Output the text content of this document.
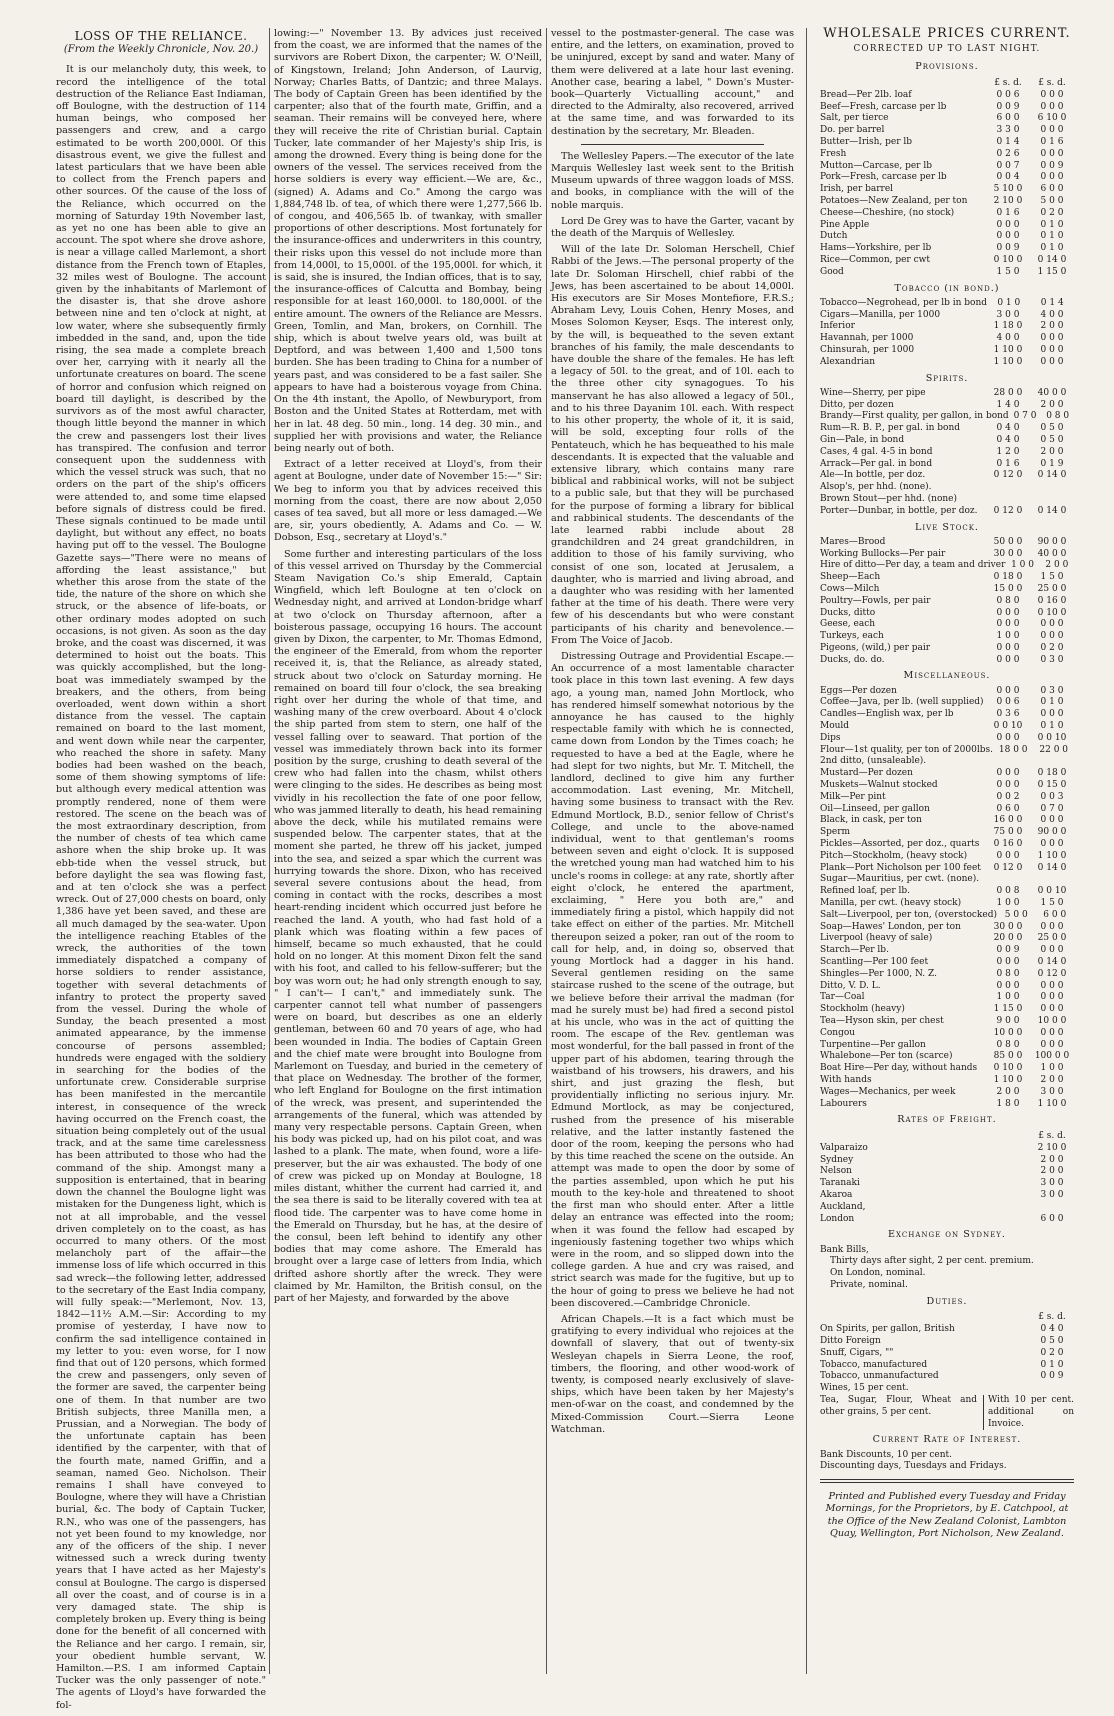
LOSS OF THE RELIANCE.
(From the Weekly Chronicle, Nov. 20.)

It is our melancholy duty, this week, to record the intelligence of the total destruction of the Reliance East Indiaman, off Boulogne, with the destruction of 114 human beings, who composed her passengers and crew, and a cargo estimated to be worth 200,000l. Of this disastrous event, we give the fullest and latest particulars that we have been able to collect from the French papers and other sources. Of the cause of the loss of the Reliance, which occurred on the morning of Saturday 19th November last, as yet no one has been able to give an account. The spot where she drove ashore, is near a village called Marlemont, a short distance from the French town of Etaples, 32 miles west of Boulogne. The account given by the inhabitants of Marlemont of the disaster is, that she drove ashore between nine and ten o'clock at night, at low water, where she subsequently firmly imbedded in the sand, and, upon the tide rising, the sea made a complete breach over her, carrying with it nearly all the unfortunate creatures on board. The scene of horror and confusion which reigned on board till daylight, is described by the survivors as of the most awful character, though little beyond the manner in which the crew and passengers lost their lives has transpired. The confusion and terror consequent upon the suddenness with which the vessel struck was such, that no orders on the part of the ship's officers were attended to, and some time elapsed before signals of distress could be fired. These signals continued to be made until daylight, but without any effect, no boats having put off to the vessel. The Boulogne Gazette says—"There were no means of affording the least assistance," but whether this arose from the state of the tide, the nature of the shore on which she struck, or the absence of life-boats, or other ordinary modes adopted on such occasions, is not given. As soon as the day broke, and the coast was discerned, it was determined to hoist out the boats. This was quickly accomplished, but the long-boat was immediately swamped by the breakers, and the others, from being overloaded, went down within a short distance from the vessel. The captain remained on board to the last moment, and went down while near the carpenter, who reached the shore in safety. Many bodies had been washed on the beach, some of them showing symptoms of life: but although every medical attention was promptly rendered, none of them were restored. The scene on the beach was of the most extraordinary description, from the number of chests of tea which came ashore when the ship broke up. It was ebb-tide when the vessel struck, but before daylight the sea was flowing fast, and at ten o'clock she was a perfect wreck. Out of 27,000 chests on board, only 1,386 have yet been saved, and these are all much damaged by the sea-water. Upon the intelligence reaching Etables of the wreck, the authorities of the town immediately dispatched a company of horse soldiers to render assistance, together with several detachments of infantry to protect the property saved from the vessel. During the whole of Sunday, the beach presented a most animated appearance, by the immense concourse of persons assembled; hundreds were engaged with the soldiery in searching for the bodies of the unfortunate crew. Considerable surprise has been manifested in the mercantile interest, in consequence of the wreck having occurred on the French coast, the situation being completely out of the usual track, and at the same time carelessness has been attributed to those who had the command of the ship. Amongst many a supposition is entertained, that in bearing down the channel the Boulogne light was mistaken for the Dungeness light, which is not at all improbable, and the vessel driven completely on to the coast, as has occurred to many others. Of the most melancholy part of the affair—the immense loss of life which occurred in this sad wreck—the following letter, addressed to the secretary of the East India company, will fully speak:—"Merlemont, Nov. 13, 1842—11½ A.M.—Sir: According to my promise of yesterday, I have now to confirm the sad intelligence contained in my letter to you: even worse, for I now find that out of 120 persons, which formed the crew and passengers, only seven of the former are saved, the carpenter being one of them. In that number are two British subjects, three Manilla men, a Prussian, and a Norwegian. The body of the unfortunate captain has been identified by the carpenter, with that of the fourth mate, named Griffin, and a seaman, named Geo. Nicholson. Their remains I shall have conveyed to Boulogne, where they will have a Christian burial, &c. The body of Captain Tucker, R.N., who was one of the passengers, has not yet been found to my knowledge, nor any of the officers of the ship. I never witnessed such a wreck during twenty years that I have acted as her Majesty's consul at Boulogne. The cargo is dispersed all over the coast, and of course is in a very damaged state. The ship is completely broken up. Every thing is being done for the benefit of all concerned with the Reliance and her cargo. I remain, sir, your obedient humble servant, W. Hamilton.—P.S. I am informed Captain Tucker was the only passenger of note." The agents of Lloyd's have forwarded the fol-

lowing:—" November 13. By advices just received from the coast, we are informed that the names of the survivors are Robert Dixon, the carpenter; W. O'Neill, of Kingstown, Ireland; John Anderson, of Laurvig, Norway; Charles Batts, of Dantzic; and three Malays. The body of Captain Green has been identified by the carpenter; also that of the fourth mate, Griffin, and a seaman. Their remains will be conveyed here, where they will receive the rite of Christian burial. Captain Tucker, late commander of her Majesty's ship Iris, is among the drowned. Every thing is being done for the owners of the vessel. The services received from the horse soldiers is every way efficient.—We are, &c., (signed) A. Adams and Co." Among the cargo was 1,884,748 lb. of tea, of which there were 1,277,566 lb. of congou, and 406,565 lb. of twankay, with smaller proportions of other descriptions. Most fortunately for the insurance-offices and underwriters in this country, their risks upon this vessel do not include more than from 14,000l, to 15,000l. of the 195,000l. for which, it is said, she is insured, the Indian offices, that is to say, the insurance-offices of Calcutta and Bombay, being responsible for at least 160,000l. to 180,000l. of the entire amount. The owners of the Reliance are Messrs. Green, Tomlin, and Man, brokers, on Cornhill. The ship, which is about twelve years old, was built at Deptford, and was between 1,400 and 1,500 tons burden. She has been trading to China for a number of years past, and was considered to be a fast sailer. She appears to have had a boisterous voyage from China. On the 4th instant, the Apollo, of Newburyport, from Boston and the United States at Rotterdam, met with her in lat. 48 deg. 50 min., long. 14 deg. 30 min., and supplied her with provisions and water, the Reliance being nearly out of both.

Extract of a letter received at Lloyd's, from their agent at Boulogne, under date of November 15:—" Sir: We beg to inform you that by advices received this morning from the coast, there are now about 2,050 cases of tea saved, but all more or less damaged.—We are, sir, yours obediently, A. Adams and Co. — W. Dobson, Esq., secretary at Lloyd's."

Some further and interesting particulars of the loss of this vessel arrived on Thursday by the Commercial Steam Navigation Co.'s ship Emerald, Captain Wingfield, which left Boulogne at ten o'clock on Wednesday night, and arrived at London-bridge wharf at two o'clock on Thursday afternoon, after a boisterous passage, occupying 16 hours. The account given by Dixon, the carpenter, to Mr. Thomas Edmond, the engineer of the Emerald, from whom the reporter received it, is, that the Reliance, as already stated, struck about two o'clock on Saturday morning. He remained on board till four o'clock, the sea breaking right over her during the whole of that time, and washing many of the crew overboard. About 4 o'clock the ship parted from stem to stern, one half of the vessel falling over to seaward. That portion of the vessel was immediately thrown back into its former position by the surge, crushing to death several of the crew who had fallen into the chasm, whilst others were clinging to the sides. He describes as being most vividly in his recollection the fate of one poor fellow, who was jammed literally to death, his head remaining above the deck, while his mutilated remains were suspended below. The carpenter states, that at the moment she parted, he threw off his jacket, jumped into the sea, and seized a spar which the current was hurrying towards the shore. Dixon, who has received several severe contusions about the head, from coming in contact with the rocks, describes a most heart-rending incident which occurred just before he reached the land. A youth, who had fast hold of a plank which was floating within a few paces of himself, became so much exhausted, that he could hold on no longer. At this moment Dixon felt the sand with his foot, and called to his fellow-sufferer; but the boy was worn out; he had only strength enough to say, " I can't— I can't," and immediately sunk. The carpenter cannot tell what number of passengers were on board, but describes as one an elderly gentleman, between 60 and 70 years of age, who had been wounded in India. The bodies of Captain Green and the chief mate were brought into Boulogne from Marlemont on Tuesday, and buried in the cemetery of that place on Wednesday. The brother of the former, who left England for Boulogne on the first intimation of the wreck, was present, and superintended the arrangements of the funeral, which was attended by many very respectable persons. Captain Green, when his body was picked up, had on his pilot coat, and was lashed to a plank. The mate, when found, wore a life-preserver, but the air was exhausted. The body of one of crew was picked up on Monday at Boulogne, 18 miles distant, whither the current had carried it, and the sea there is said to be literally covered with tea at flood tide. The carpenter was to have come home in the Emerald on Thursday, but he has, at the desire of the consul, been left behind to identify any other bodies that may come ashore. The Emerald has brought over a large case of letters from India, which drifted ashore shortly after the wreck. They were claimed by Mr. Hamilton, the British consul, on the part of her Majesty, and forwarded by the above

vessel to the postmaster-general. The case was entire, and the letters, on examination, proved to be uninjured, except by sand and water. Many of them were delivered at a late hour last evening. Another case, bearing a label, " Down's Muster-book—Quarterly Victualling account," and directed to the Admiralty, also recovered, arrived at the same time, and was forwarded to its destination by the secretary, Mr. Bleaden.

The Wellesley Papers.—The executor of the late Marquis Wellesley last week sent to the British Museum upwards of three waggon loads of MSS. and books, in compliance with the will of the noble marquis.

Lord De Grey was to have the Garter, vacant by the death of the Marquis of Wellesley.

Will of the late Dr. Soloman Herschell, Chief Rabbi of the Jews.—The personal property of the late Dr. Soloman Hirschell, chief rabbi of the Jews, has been ascertained to be about 14,000l. His executors are Sir Moses Montefiore, F.R.S.; Abraham Levy, Louis Cohen, Henry Moses, and Moses Solomon Keyser, Esqs. The interest only, by the will, is bequeathed to the seven extant branches of his family, the male descendants to have double the share of the females. He has left a legacy of 50l. to the great, and of 10l. each to the three other city synagogues. To his manservant he has also allowed a legacy of 50l., and to his three Dayanim 10l. each. With respect to his other property, the whole of it, it is said, will be sold, excepting four rolls of the Pentateuch, which he has bequeathed to his male descendants. It is expected that the valuable and extensive library, which contains many rare biblical and rabbinical works, will not be subject to a public sale, but that they will be purchased for the purpose of forming a library for biblical and rabbinical students. The descendants of the late learned rabbi include about 28 grandchildren and 24 great grandchildren, in addition to those of his family surviving, who consist of one son, located at Jerusalem, a daughter, who is married and living abroad, and a daughter who was residing with her lamented father at the time of his death. There were very few of his descendants but who were constant participants of his charity and benevolence.—From The Voice of Jacob.

Distressing Outrage and Providential Escape.—An occurrence of a most lamentable character took place in this town last evening. A few days ago, a young man, named John Mortlock, who has rendered himself somewhat notorious by the annoyance he has caused to the highly respectable family with which he is connected, came down from London by the Times coach; he requested to have a bed at the Eagle, where he had slept for two nights, but Mr. T. Mitchell, the landlord, declined to give him any further accommodation. Last evening, Mr. Mitchell, having some business to transact with the Rev. Edmund Mortlock, B.D., senior fellow of Christ's College, and uncle to the above-named individual, went to that gentleman's rooms between seven and eight o'clock. It is supposed the wretched young man had watched him to his uncle's rooms in college: at any rate, shortly after eight o'clock, he entered the apartment, exclaiming, " Here you both are," and immediately firing a pistol, which happily did not take effect on either of the parties. Mr. Mitchell thereupon seized a poker, ran out of the room to call for help, and, in doing so, observed that young Mortlock had a dagger in his hand. Several gentlemen residing on the same staircase rushed to the scene of the outrage, but we believe before their arrival the madman (for mad he surely must be) had fired a second pistol at his uncle, who was in the act of quitting the room. The escape of the Rev. gentleman was most wonderful, for the ball passed in front of the upper part of his abdomen, tearing through the waistband of his trowsers, his drawers, and his shirt, and just grazing the flesh, but providentially inflicting no serious injury. Mr. Edmund Mortlock, as may be conjectured, rushed from the presence of his miserable relative, and the latter instantly fastened the door of the room, keeping the persons who had by this time reached the scene on the outside. An attempt was made to open the door by some of the parties assembled, upon which he put his mouth to the key-hole and threatened to shoot the first man who should enter. After a little delay an entrance was effected into the room; when it was found the fellow had escaped by ingeniously fastening together two whips which were in the room, and so slipped down into the college garden. A hue and cry was raised, and strict search was made for the fugitive, but up to the hour of going to press we believe he had not been discovered.—Cambridge Chronicle.

African Chapels.—It is a fact which must be gratifying to every individual who rejoices at the downfall of slavery, that out of twenty-six Wesleyan chapels in Sierra Leone, the roof, timbers, the flooring, and other wood-work of twenty, is composed nearly exclusively of slave-ships, which have been taken by her Majesty's men-of-war on the coast, and condemned by the Mixed-Commission Court.—Sierra Leone Watchman.

WHOLESALE PRICES CURRENT.
CORRECTED UP TO LAST NIGHT.
Provisions.
£ s. d.	£ s. d.
Bread—Per 2lb. loaf	0 0 6	0 0 0
Beef—Fresh, carcase per lb	0 0 9	0 0 0
Salt, per tierce	6 0 0	6 10 0
Do. per barrel	3 3 0	0 0 0
Butter—Irish, per lb	0 1 4	0 1 6
Fresh	0 2 6	0 0 0
Mutton—Carcase, per lb	0 0 7	0 0 9
Pork—Fresh, carcase per lb	0 0 4	0 0 0
Irish, per barrel	5 10 0	6 0 0
Potatoes—New Zealand, per ton	2 10 0	5 0 0
Cheese—Cheshire, (no stock)	0 1 6	0 2 0
Pine Apple	0 0 0	0 1 0
Dutch	0 0 0	0 1 0
Hams—Yorkshire, per lb	0 0 9	0 1 0
Rice—Common, per cwt	0 10 0	0 14 0
Good	1 5 0	1 15 0
Tobacco (in bond.)
Tobacco—Negrohead, per lb in bond	0 1 0	0 1 4
Cigars—Manilla, per 1000	3 0 0	4 0 0
Inferior	1 18 0	2 0 0
Havannah, per 1000	4 0 0	0 0 0
Chinsurah, per 1000	1 10 0	0 0 0
Alexandrian	1 10 0	0 0 0
Spirits.
Wine—Sherry, per pipe	28 0 0	40 0 0
Ditto, per dozen	1 4 0	2 0 0
Brandy—First quality, per gallon, in bond 0 7 0	0 8 0
Rum—R. B. P., per gal. in bond	0 4 0	0 5 0
Gin—Pale, in bond	0 4 0	0 5 0
Cases, 4 gal. 4-5 in bond	1 2 0	2 0 0
Arrack—Per gal. in bond	0 1 6	0 1 9
Ale—In bottle, per doz.	0 12 0	0 14 0
Alsop's, per hhd. (none).
Brown Stout—per hhd. (none)
Porter—Dunbar, in bottle, per doz.	0 12 0	0 14 0
Live Stock.
Mares—Brood	50 0 0	90 0 0
Working Bullocks—Per pair	30 0 0	40 0 0
Hire of ditto—Per day, a team and driver 1 0 0	2 0 0
Sheep—Each	0 18 0	1 5 0
Cows—Milch	15 0 0	25 0 0
Poultry—Fowls, per pair	0 8 0	0 16 0
Ducks, ditto	0 0 0	0 10 0
Geese, each	0 0 0	0 0 0
Turkeys, each	1 0 0	0 0 0
Pigeons, (wild,) per pair	0 0 0	0 2 0
Ducks, do. do.	0 0 0	0 3 0
Miscellaneous.
Eggs—Per dozen	0 0 0	0 3 0
Coffee—Java, per lb. (well supplied)	0 0 6	0 1 0
Candles—English wax, per lb	0 3 6	0 0 0
Mould	0 0 10	0 1 0
Dips	0 0 0	0 0 10
Flour—1st quality, per ton of 2000lbs. 18 0 0	22 0 0
2nd ditto, (unsaleable).
Mustard—Per dozen	0 0 0	0 18 0
Muskets—Walnut stocked	0 0 0	0 15 0
Milk—Per pint	0 0 2	0 0 3
Oil—Linseed, per gallon	0 6 0	0 7 0
Black, in cask, per ton	16 0 0	0 0 0
Sperm	75 0 0	90 0 0
Pickles—Assorted, per doz., quarts	0 16 0	0 0 0
Pitch—Stockholm, (heavy stock)	0 0 0	1 10 0
Plank—Port Nicholson per 100 feet	0 12 0	0 14 0
Sugar—Mauritius, per cwt. (none).
Refined loaf, per lb.	0 0 8	0 0 10
Manilla, per cwt. (heavy stock)	1 0 0	1 5 0
Salt—Liverpool, per ton, (overstocked) 5 0 0	6 0 0
Soap—Hawes' London, per ton	30 0 0	0 0 0
Liverpool (heavy of sale)	20 0 0	25 0 0
Starch—Per lb.	0 0 9	0 0 0
Scantling—Per 100 feet	0 0 0	0 14 0
Shingles—Per 1000, N. Z.	0 8 0	0 12 0
Ditto, V. D. L.	0 0 0	0 0 0
Tar—Coal	1 0 0	0 0 0
Stockholm (heavy)	1 15 0	0 0 0
Tea—Hyson skin, per chest	9 0 0	10 0 0
Congou	10 0 0	0 0 0
Turpentine—Per gallon	0 8 0	0 0 0
Whalebone—Per ton (scarce)	85 0 0	100 0 0
Boat Hire—Per day, without hands	0 10 0	1 0 0
With hands	1 10 0	2 0 0
Wages—Mechanics, per week	2 0 0	3 0 0
Labourers	1 8 0	1 10 0
Rates of Freight.
£ s. d.
Valparaizo	2 10 0
Sydney	2 0 0
Nelson	2 0 0
Taranaki	3 0 0
Akaroa	3 0 0
Auckland,
London	6 0 0
Exchange on Sydney.
Bank Bills,
Thirty days after sight, 2 per cent. premium.
On London, nominal.
Private, nominal.
Duties.
£ s. d.
On Spirits, per gallon, British	0 4 0
Ditto Foreign	0 5 0
Snuff, Cigars, ""	0 2 0
Tobacco, manufactured	0 1 0
Tobacco, unmanufactured	0 0 9
Wines, 15 per cent.
Tea, Sugar, Flour, Wheat and other grains, 5 per cent.
With 10 per cent. additional on Invoice.
Current Rate of Interest.
Bank Discounts, 10 per cent.
Discounting days, Tuesdays and Fridays.
Printed and Published every Tuesday and Friday Mornings, for the Proprietors, by E. Catchpool, at the Office of the New Zealand Colonist, Lambton Quay, Wellington, Port Nicholson, New Zealand.
